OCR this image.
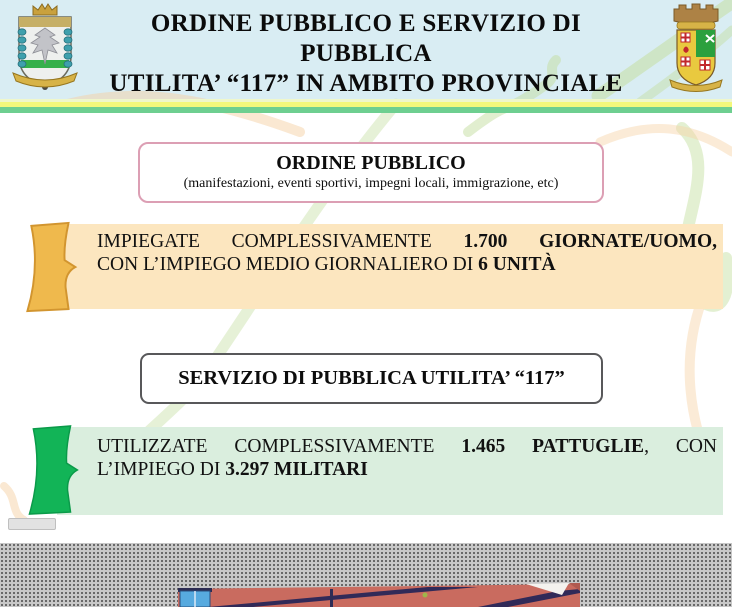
ORDINE PUBBLICO E SERVIZIO DI PUBBLICA
UTILITA’ “117” IN AMBITO PROVINCIALE
ORDINE PUBBLICO
(manifestazioni, eventi sportivi, impegni locali, immigrazione, etc)
IMPIEGATE COMPLESSIVAMENTE 1.700 GIORNATE/UOMO,
CON L’IMPIEGO MEDIO GIORNALIERO DI 6 UNITÀ
SERVIZIO DI PUBBLICA UTILITA’ “117”
UTILIZZATE COMPLESSIVAMENTE 1.465 PATTUGLIE, CON
L’IMPIEGO DI 3.297 MILITARI
